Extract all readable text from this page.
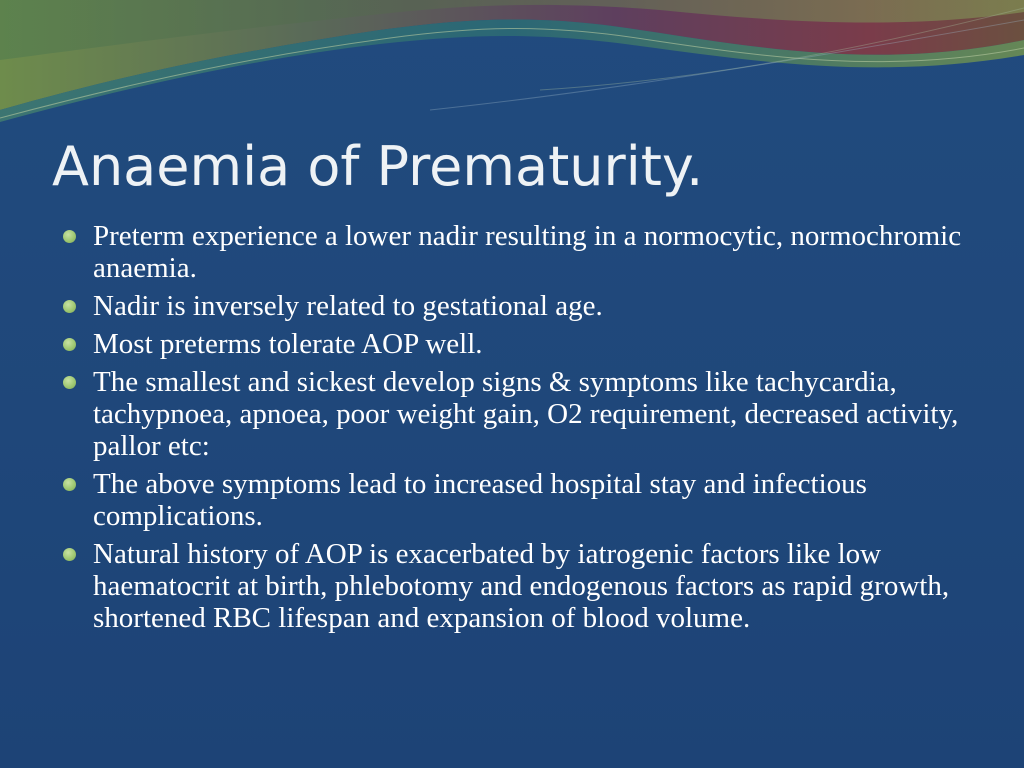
Anaemia of Prematurity.
Preterm experience a lower nadir resulting in a normocytic, normochromic anaemia.
Nadir is inversely related to gestational age.
Most preterms tolerate AOP well.
The smallest and sickest develop signs & symptoms like tachycardia, tachypnoea, apnoea, poor weight gain, O2 requirement, decreased activity, pallor etc:
The above symptoms lead to increased hospital stay and infectious complications.
Natural history of AOP is exacerbated by iatrogenic factors like low haematocrit at birth, phlebotomy and endogenous factors as rapid growth, shortened RBC lifespan and expansion of blood volume.
